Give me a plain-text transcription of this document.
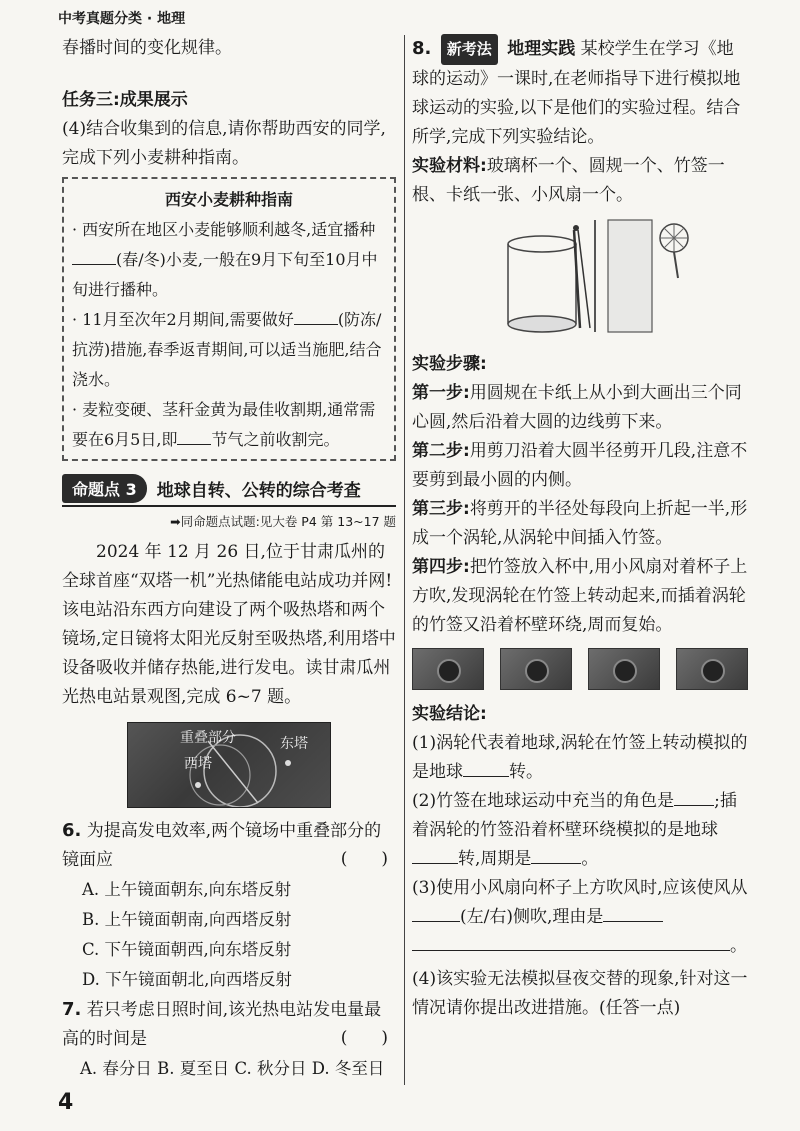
中考真题分类 · 地理

春播时间的变化规律。

任务三:成果展示

(4)结合收集到的信息,请你帮助西安的同学,完成下列小麦耕种指南。

西安小麦耕种指南

· 西安所在地区小麦能够顺利越冬,适宜播种(春/冬)小麦,一般在9月下旬至10月中旬进行播种。

· 11月至次年2月期间,需要做好	(防冻/抗涝)措施,春季返青期间,可以适当施肥,结合浇水。

· 麦粒变硬、茎秆金黄为最佳收割期,通常需要在6月5日,即 节气之前收割完。

命题点 3	地球自转、公转的综合考查

➡同命题点试题:见大卷 P4 第 13~17 题

2024 年 12 月 26 日,位于甘肃瓜州的全球首座“双塔一机”光热储能电站成功并网!该电站沿东西方向建设了两个吸热塔和两个镜场,定日镜将太阳光反射至吸热塔,利用塔中设备吸收并储存热能,进行发电。读甘肃瓜州光热电站景观图,完成 6~7 题。

重叠部分	东塔
西塔

6. 为提高发电效率,两个镜场中重叠部分的镜面应	(　　)

A. 上午镜面朝东,向东塔反射

B. 上午镜面朝南,向西塔反射

C. 下午镜面朝西,向东塔反射

D. 下午镜面朝北,向西塔反射

7. 若只考虑日照时间,该光热电站发电量最高的时间是	(　　)

A. 春分日 B. 夏至日 C. 秋分日 D. 冬至日

8. 新考法 地理实践 某校学生在学习《地球的运动》一课时,在老师指导下进行模拟地球运动的实验,以下是他们的实验过程。结合所学,完成下列实验结论。

实验材料:玻璃杯一个、圆规一个、竹签一根、卡纸一张、小风扇一个。

实验步骤:

第一步:用圆规在卡纸上从小到大画出三个同心圆,然后沿着大圆的边线剪下来。

第二步:用剪刀沿着大圆半径剪开几段,注意不要剪到最小圆的内侧。

第三步:将剪开的半径处每段向上折起一半,形成一个涡轮,从涡轮中间插入竹签。

第四步:把竹签放入杯中,用小风扇对着杯子上方吹,发现涡轮在竹签上转动起来,而插着涡轮的竹签又沿着杯壁环绕,周而复始。

实验结论:

(1)涡轮代表着地球,涡轮在竹签上转动模拟的是地球	转。

(2)竹签在地球运动中充当的角色是 ;插着涡轮的竹签沿着杯壁环绕模拟的是地球转,周期是	。

(3)使用小风扇向杯子上方吹风时,应该使风从(左/右)侧吹,理由是
。

(4)该实验无法模拟昼夜交替的现象,针对这一情况请你提出改进措施。(任答一点)

4
